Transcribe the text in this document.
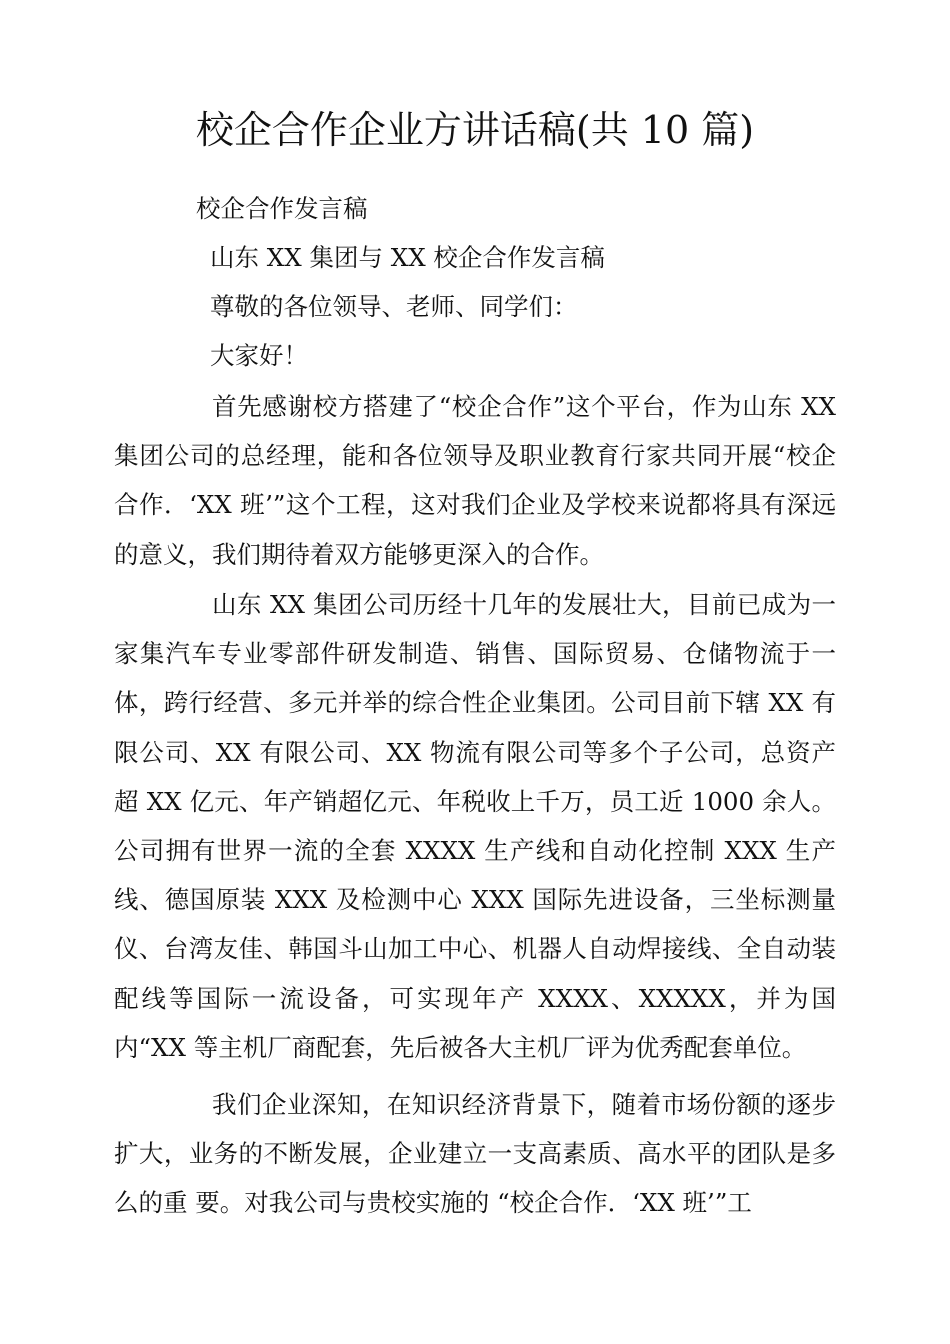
校企合作企业方讲话稿(共 10 篇)

校企合作发言稿

山东 XX 集团与 XX 校企合作发言稿

尊敬的各位领导、老师、同学们：

大家好！

首先感谢校方搭建了“校企合作”这个平台，作为山东 XX 集团公司的总经理，能和各位领导及职业教育行家共同开展“校企合作．‘XX 班’”这个工程，这对我们企业及学校来说都将具有深远的意义，我们期待着双方能够更深入的合作。

山东 XX 集团公司历经十几年的发展壮大，目前已成为一家集汽车专业零部件研发制造、销售、国际贸易、仓储物流于一体，跨行经营、多元并举的综合性企业集团。公司目前下辖 XX 有限公司、XX 有限公司、XX 物流有限公司等多个子公司，总资产超 XX 亿元、年产销超亿元、年税收上千万，员工近 1000 余人。公司拥有世界一流的全套 XXXX 生产线和自动化控制 XXX 生产线、德国原装 XXX 及检测中心 XXX 国际先进设备，三坐标测量仪、台湾友佳、韩国斗山加工中心、机器人自动焊接线、全自动装配线等国际一流设备，可实现年产 XXXX、XXXXX，并为国内“XX 等主机厂商配套，先后被各大主机厂评为优秀配套单位。

我们企业深知，在知识经济背景下，随着市场份额的逐步扩大，业务的不断发展，企业建立一支高素质、高水平的团队是多么的重 要。对我公司与贵校实施的 “校企合作．‘XX 班’”工
